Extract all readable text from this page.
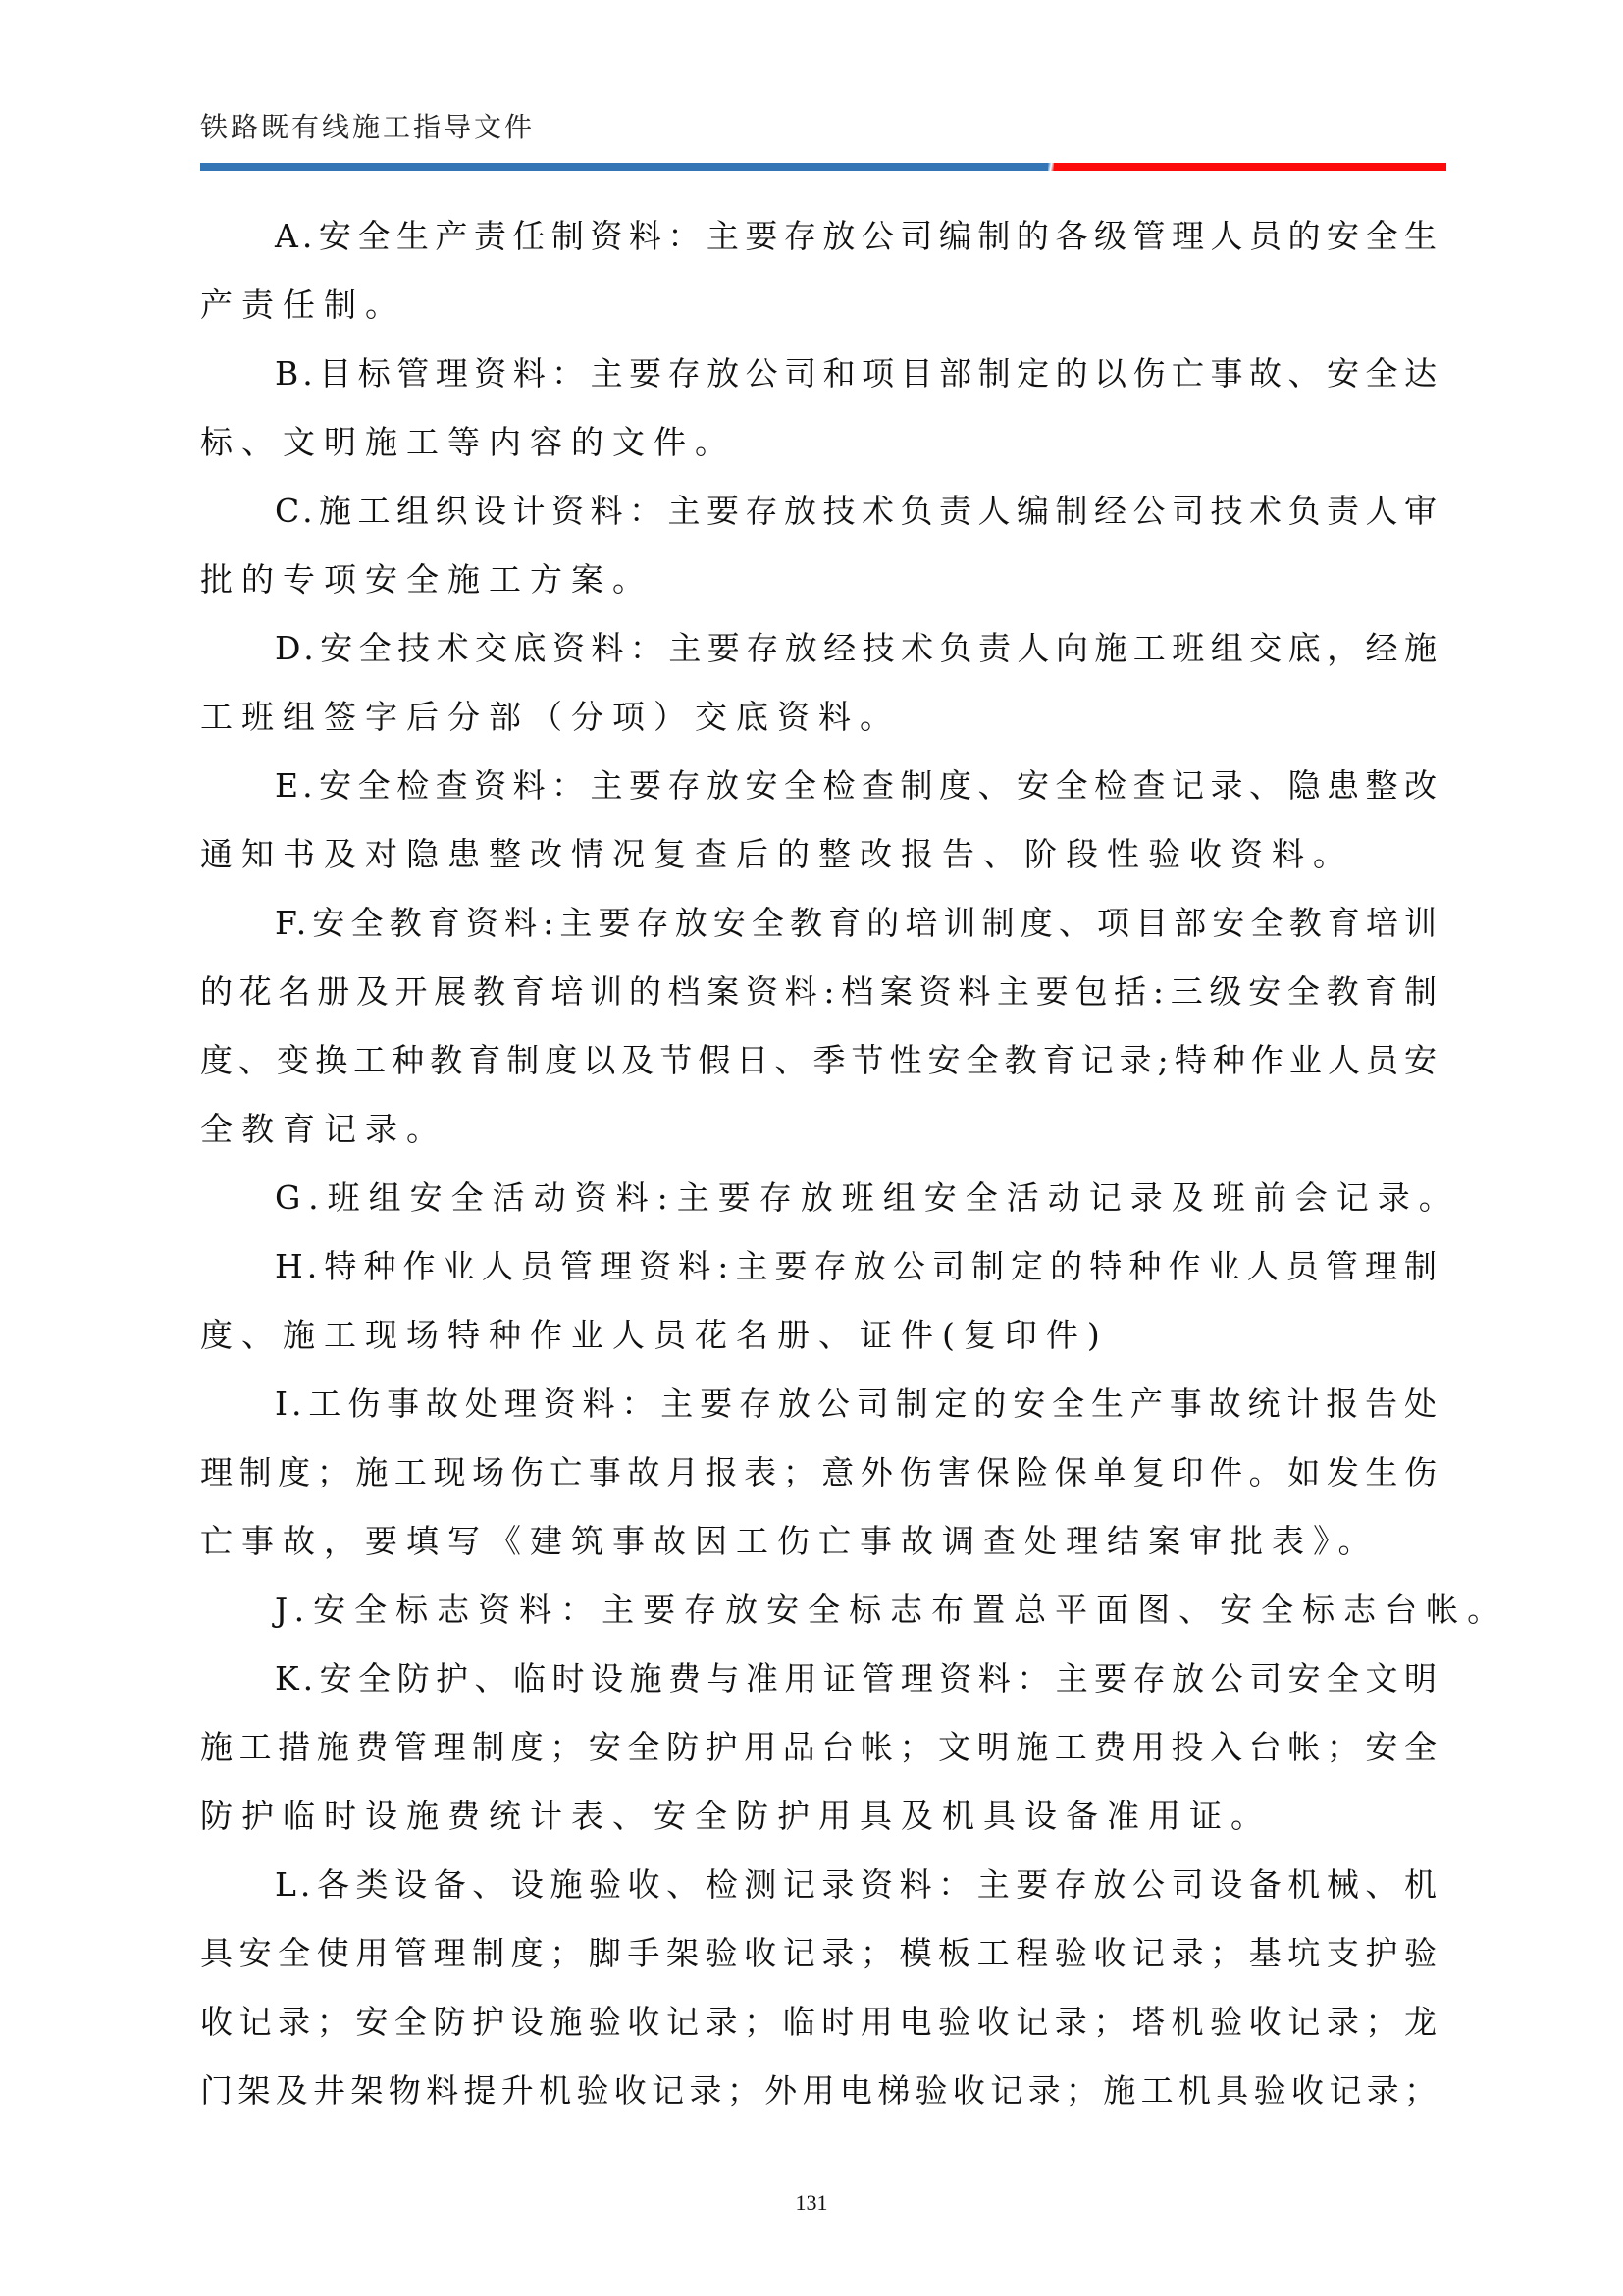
铁路既有线施工指导文件
A.安全生产责任制资料：主要存放公司编制的各级管理人员的安全生
产责任制。
B.目标管理资料：主要存放公司和项目部制定的以伤亡事故、安全达
标、文明施工等内容的文件。
C.施工组织设计资料：主要存放技术负责人编制经公司技术负责人审
批的专项安全施工方案。
D.安全技术交底资料：主要存放经技术负责人向施工班组交底，经施
工班组签字后分部（分项）交底资料。
E.安全检查资料：主要存放安全检查制度、安全检查记录、隐患整改
通知书及对隐患整改情况复查后的整改报告、阶段性验收资料。
F.安全教育资料:主要存放安全教育的培训制度、项目部安全教育培训
的花名册及开展教育培训的档案资料:档案资料主要包括:三级安全教育制
度、变换工种教育制度以及节假日、季节性安全教育记录;特种作业人员安
全教育记录。
G.班组安全活动资料:主要存放班组安全活动记录及班前会记录。
H.特种作业人员管理资料:主要存放公司制定的特种作业人员管理制
度、施工现场特种作业人员花名册、证件(复印件)
I.工伤事故处理资料：主要存放公司制定的安全生产事故统计报告处
理制度；施工现场伤亡事故月报表；意外伤害保险保单复印件。如发生伤
亡事故，要填写《建筑事故因工伤亡事故调查处理结案审批表》。
J.安全标志资料：主要存放安全标志布置总平面图、安全标志台帐。
K.安全防护、临时设施费与准用证管理资料：主要存放公司安全文明
施工措施费管理制度；安全防护用品台帐；文明施工费用投入台帐；安全
防护临时设施费统计表、安全防护用具及机具设备准用证。
L.各类设备、设施验收、检测记录资料：主要存放公司设备机械、机
具安全使用管理制度；脚手架验收记录；模板工程验收记录；基坑支护验
收记录；安全防护设施验收记录；临时用电验收记录；塔机验收记录；龙
门架及井架物料提升机验收记录；外用电梯验收记录；施工机具验收记录；
131
